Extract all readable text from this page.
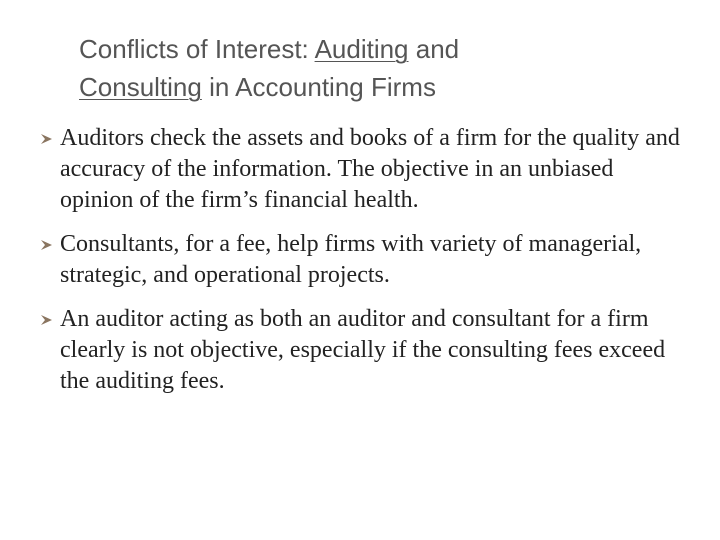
Conflicts of Interest: Auditing and
Consulting in Accounting Firms
Auditors check the assets and books of a firm for the quality and accuracy of the information. The objective in an unbiased opinion of the firm’s financial health.
Consultants, for a fee, help firms with variety of managerial, strategic, and operational projects.
An auditor acting as both an auditor and consultant for a firm clearly is not objective, especially if the consulting fees exceed the auditing fees.
